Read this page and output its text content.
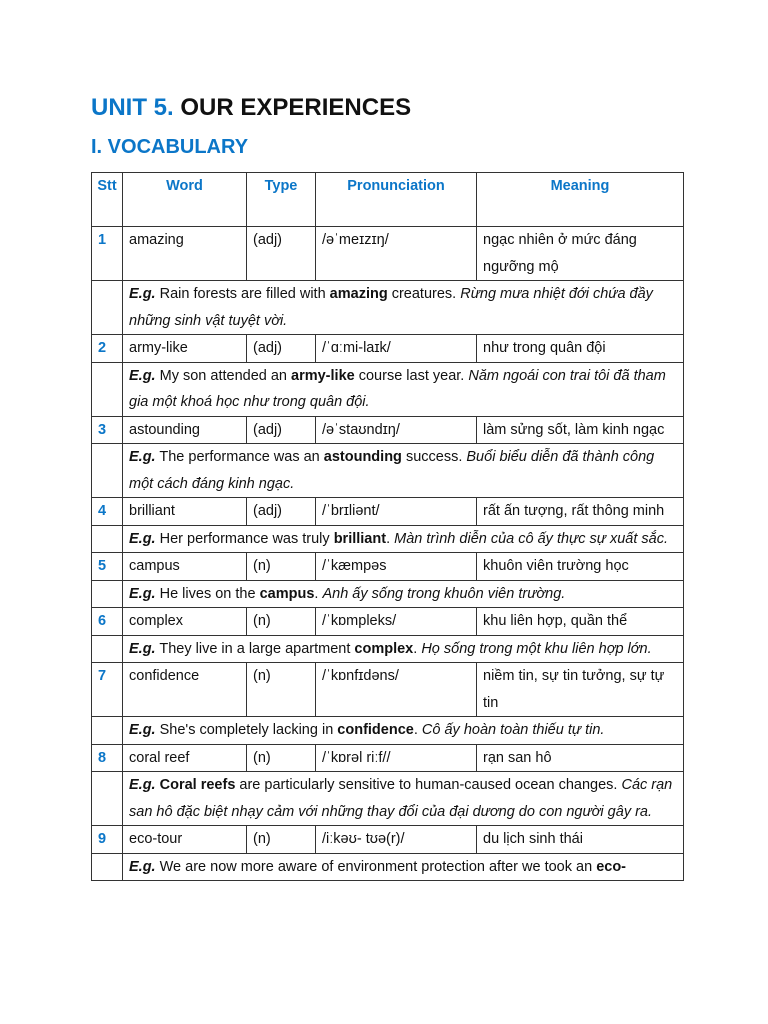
UNIT 5. OUR EXPERIENCES
I. VOCABULARY
Stt	Word	Type	Pronunciation	Meaning
1	amazing	(adj)	/əˈmeɪzɪŋ/	ngạc nhiên ở mức đáng ngưỡng mộ
	E.g. Rain forests are filled with amazing creatures. Rừng mưa nhiệt đới chứa đầy những sinh vật tuyệt vời.			
2	army-like	(adj)	/ˈɑːmi-laɪk/	như trong quân đội
	E.g. My son attended an army-like course last year. Năm ngoái con trai tôi đã tham gia một khoá học như trong quân đội.			
3	astounding	(adj)	/əˈstaʊndɪŋ/	làm sửng sốt, làm kinh ngạc
	E.g. The performance was an astounding success. Buổi biểu diễn đã thành công một cách đáng kinh ngạc.			
4	brilliant	(adj)	/ˈbrɪliənt/	rất ấn tượng, rất thông minh
	E.g. Her performance was truly brilliant. Màn trình diễn của cô ấy thực sự xuất sắc.			
5	campus	(n)	/ˈkæmpəs	khuôn viên trường học
	E.g. He lives on the campus. Anh ấy sống trong khuôn viên trường.			
6	complex	(n)	/ˈkɒmpleks/	khu liên hợp, quần thể
	E.g. They live in a large apartment complex. Họ sống trong một khu liên hợp lớn.			
7	confidence	(n)	/ˈkɒnfɪdəns/	niềm tin, sự tin tưởng, sự tự tin
	E.g. She's completely lacking in confidence. Cô ấy hoàn toàn thiếu tự tin.			
8	coral reef	(n)	/ˈkɒrəl riːf//	rạn san hô
	E.g. Coral reefs are particularly sensitive to human-caused ocean changes. Các rạn san hô đặc biệt nhạy cảm với những thay đổi của đại dương do con người gây ra.			
9	eco-tour	(n)	/iːkəʊ- tʊə(r)/	du lịch sinh thái
	E.g. We are now more aware of environment protection after we took an eco-			
